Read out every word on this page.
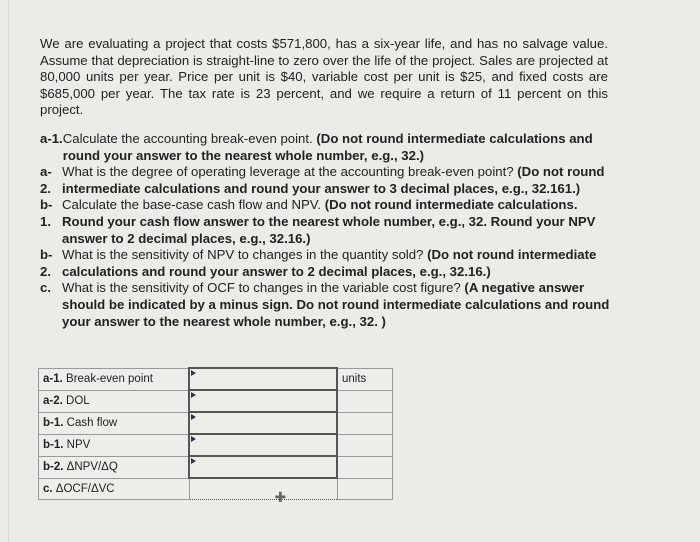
We are evaluating a project that costs $571,800, has a six-year life, and has no salvage value. Assume that depreciation is straight-line to zero over the life of the project. Sales are projected at 80,000 units per year. Price per unit is $40, variable cost per unit is $25, and fixed costs are $685,000 per year. The tax rate is 23 percent, and we require a return of 11 percent on this project.
a-1. Calculate the accounting break-even point. (Do not round intermediate calculations and round your answer to the nearest whole number, e.g., 32.)
a-2.
What is the degree of operating leverage at the accounting break-even point? (Do not round intermediate calculations and round your answer to 3 decimal places, e.g., 32.161.)
b-1.
Calculate the base-case cash flow and NPV. (Do not round intermediate calculations. Round your cash flow answer to the nearest whole number, e.g., 32. Round your NPV answer to 2 decimal places, e.g., 32.16.)
b-2.
What is the sensitivity of NPV to changes in the quantity sold? (Do not round intermediate calculations and round your answer to 2 decimal places, e.g., 32.16.)
c. What is the sensitivity of OCF to changes in the variable cost figure? (A negative answer should be indicated by a minus sign. Do not round intermediate calculations and round your answer to the nearest whole number, e.g., 32. )
a-1. Break-even point		units
a-2. DOL	

b-1. Cash flow	

b-1. NPV	

b-2. ΔNPV/ΔQ	

c. ΔOCF/ΔVC	✚	
